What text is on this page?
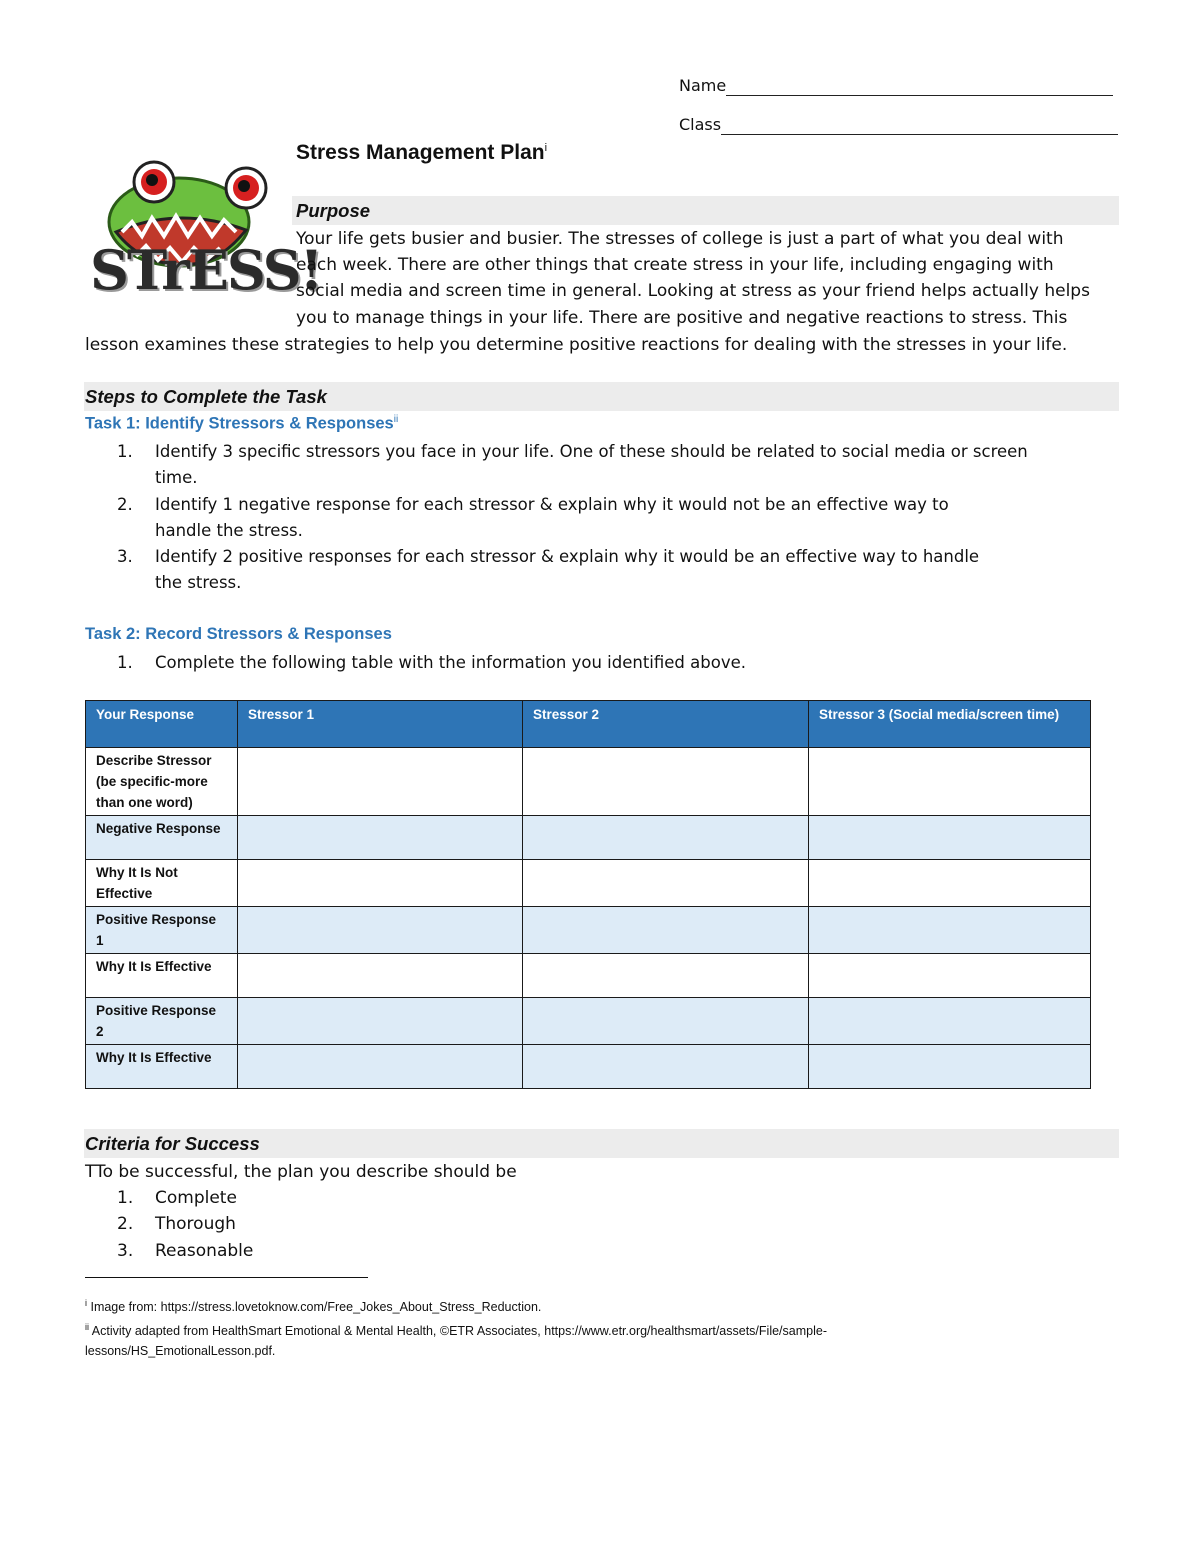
Name
Class
Stress Management Plan$^i$
STrESS!
Purpose
Your life gets busier and busier. The stresses of college is just a part of what you deal with
each week. There are other things that create stress in your life, including engaging with
social media and screen time in general. Looking at stress as your friend helps actually helps
you to manage things in your life. There are positive and negative reactions to stress. This
lesson examines these strategies to help you determine positive reactions for dealing with the stresses in your life.
Steps to Complete the Task
Task 1: Identify Stressors & Responses$^{ii}$
1. Identify 3 specific stressors you face in your life. One of these should be related to social media or screen
time.
2. Identify 1 negative response for each stressor & explain why it would not be an effective way to
handle the stress.
3. Identify 2 positive responses for each stressor & explain why it would be an effective way to handle
the stress.
Task 2: Record Stressors & Responses
1. Complete the following table with the information you identified above.
Your Response	Stressor 1	Stressor 2	Stressor 3 (Social media/screen time)
Describe Stressor (be specific-more than one word)			
Negative Response			
Why It Is Not Effective			
Positive Response 1			
Why It Is Effective			
Positive Response 2			
Why It Is Effective			
Criteria for Success
TTo be successful, the plan you describe should be
1. Complete
2. Thorough
3. Reasonable
$^i$ Image from: https://stress.lovetoknow.com/Free_Jokes_About_Stress_Reduction.
$^{ii}$ Activity adapted from HealthSmart Emotional & Mental Health, ©ETR Associates, https://www.etr.org/healthsmart/assets/File/sample-
lessons/HS_EmotionalLesson.pdf.
